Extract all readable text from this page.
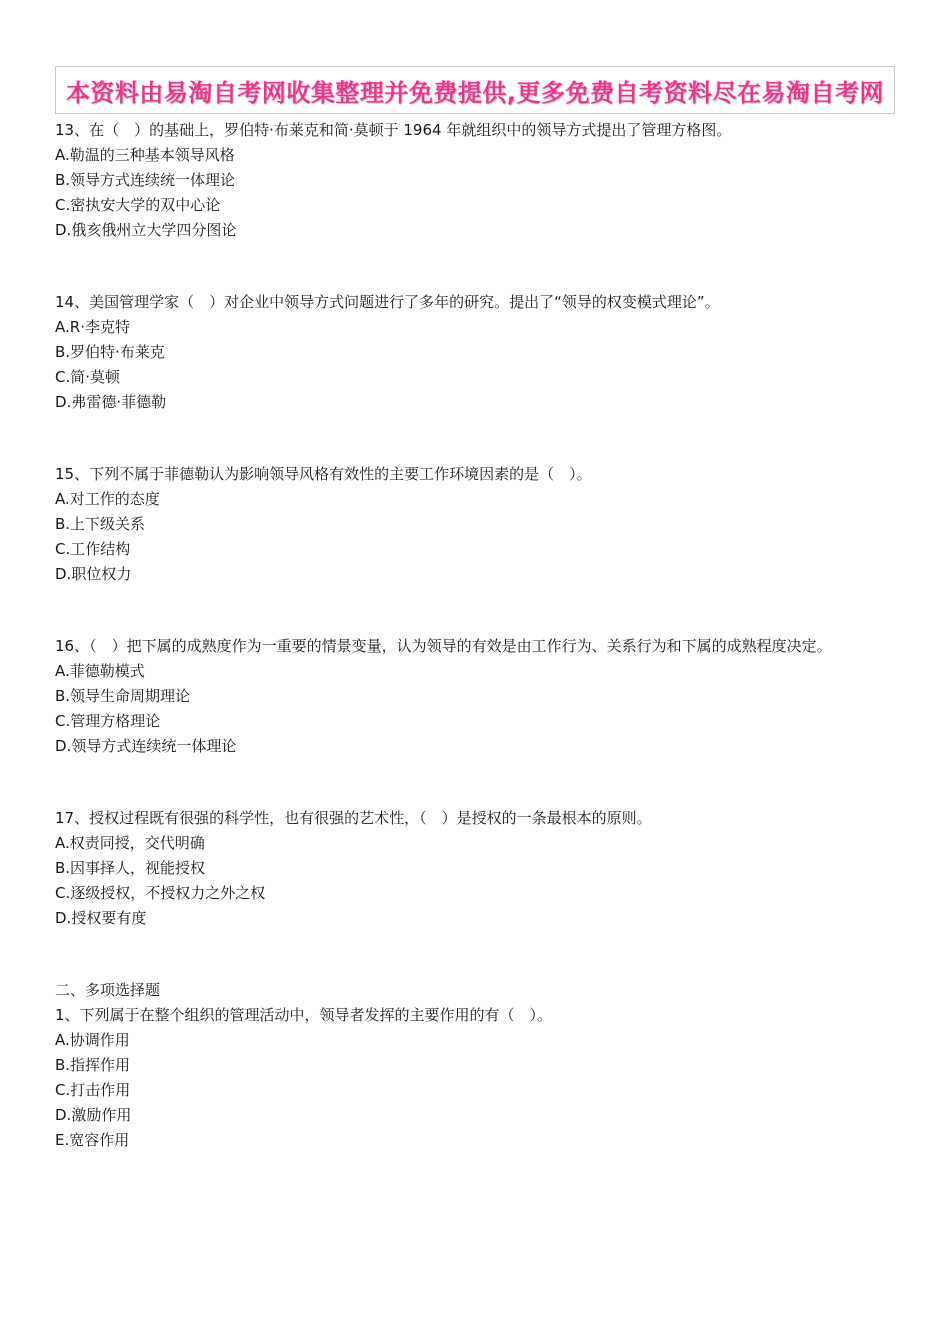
本资料由易淘自考网收集整理并免费提供,更多免费自考资料尽在易淘自考网

13、在（　）的基础上，罗伯特·布莱克和简·莫顿于 1964 年就组织中的领导方式提出了管理方格图。

A.勒温的三种基本领导风格

B.领导方式连续统一体理论

C.密执安大学的双中心论

D.俄亥俄州立大学四分图论

14、美国管理学家（　）对企业中领导方式问题进行了多年的研究。提出了“领导的权变模式理论”。

A.R·李克特

B.罗伯特·布莱克

C.简·莫顿

D.弗雷德·菲德勒

15、下列不属于菲德勒认为影响领导风格有效性的主要工作环境因素的是（　）。

A.对工作的态度

B.上下级关系

C.工作结构

D.职位权力

16、（　）把下属的成熟度作为一重要的情景变量，认为领导的有效是由工作行为、关系行为和下属的成熟程度决定。

A.菲德勒模式

B.领导生命周期理论

C.管理方格理论

D.领导方式连续统一体理论

17、授权过程既有很强的科学性，也有很强的艺术性，（　）是授权的一条最根本的原则。

A.权责同授，交代明确

B.因事择人，视能授权

C.逐级授权，不授权力之外之权

D.授权要有度

二、多项选择题

1、下列属于在整个组织的管理活动中，领导者发挥的主要作用的有（　）。

A.协调作用

B.指挥作用

C.打击作用

D.激励作用

E.宽容作用
